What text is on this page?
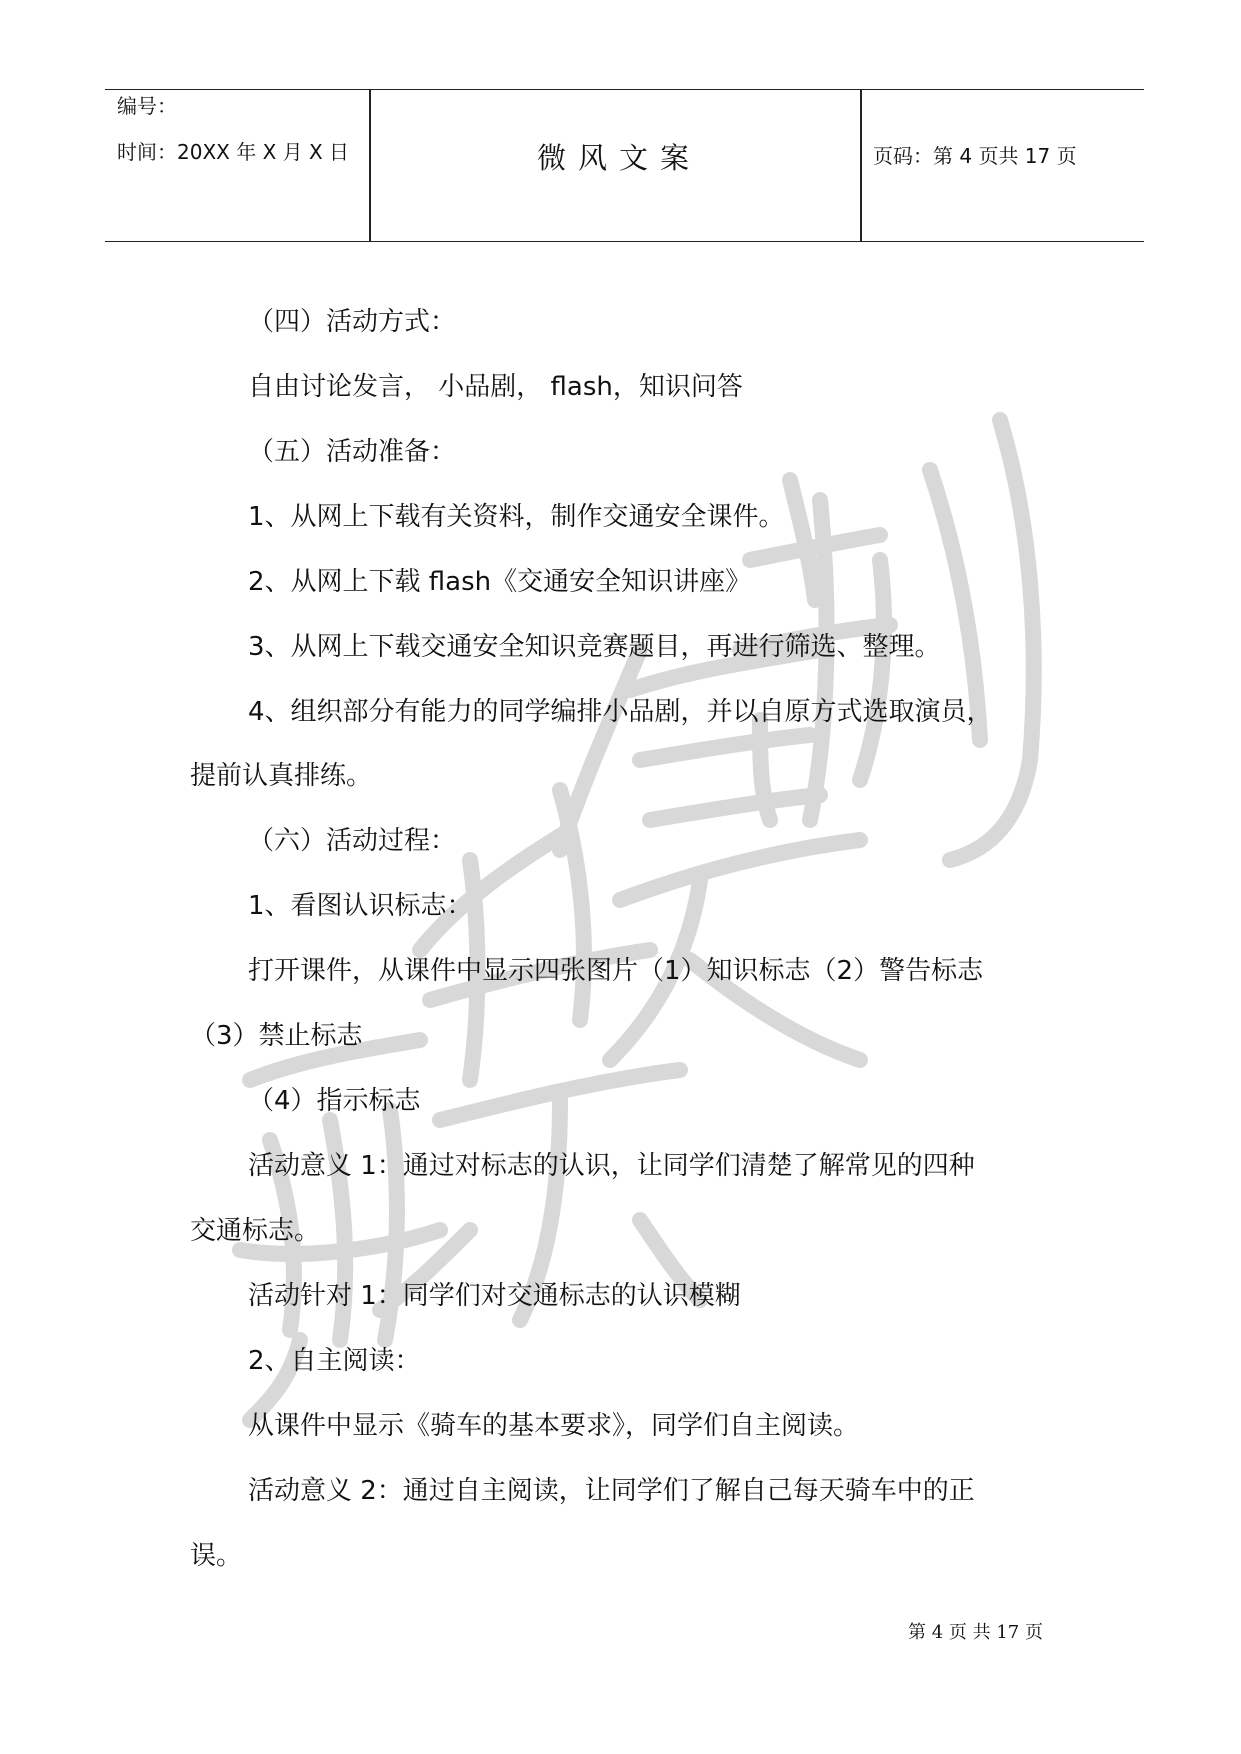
编号：
时间：20XX 年 X 月 X 日	微风文案	页码：第 4 页共 17 页
（四）活动方式：
自由讨论发言， 小品剧， flash，知识问答
（五）活动准备：
1、从网上下载有关资料，制作交通安全课件。
2、从网上下载 flash《交通安全知识讲座》
3、从网上下载交通安全知识竞赛题目，再进行筛选、整理。
4、组织部分有能力的同学编排小品剧，并以自原方式选取演员，
提前认真排练。
（六）活动过程：
1、看图认识标志：
打开课件，从课件中显示四张图片（1）知识标志（2）警告标志
（3）禁止标志
（4）指示标志
活动意义 1：通过对标志的认识，让同学们清楚了解常见的四种
交通标志。
活动针对 1：同学们对交通标志的认识模糊
2、自主阅读：
从课件中显示《骑车的基本要求》，同学们自主阅读。
活动意义 2：通过自主阅读，让同学们了解自己每天骑车中的正
误。
第 4 页 共 17 页
